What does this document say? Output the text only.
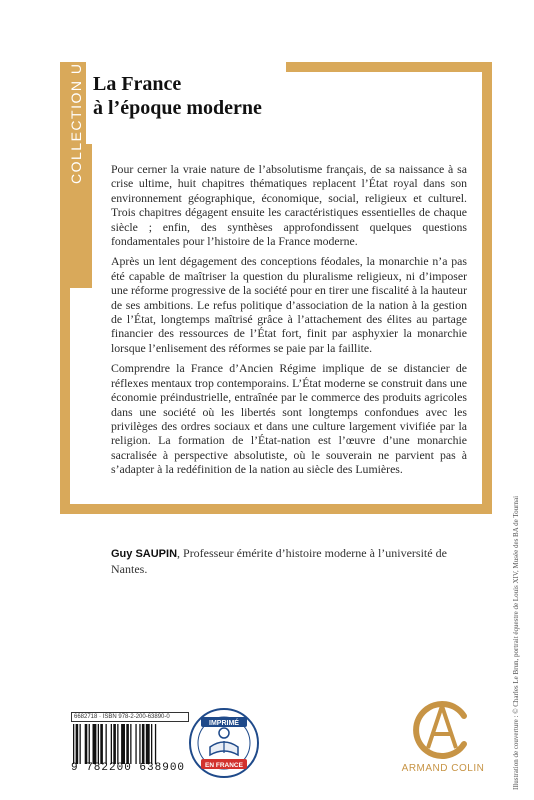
La France
à l’époque moderne

Pour cerner la vraie nature de l’absolutisme français, de sa naissance à sa crise ultime, huit chapitres thématiques replacent l’État royal dans son environnement géographique, économique, social, religieux et culturel. Trois chapitres dégagent ensuite les caractéristiques essentielles de chaque siècle ; enfin, des synthèses approfondissent quelques questions fondamentales pour l’histoire de la France moderne.

Après un lent dégagement des conceptions féodales, la monarchie n’a pas été capable de maîtriser la question du pluralisme religieux, ni d’imposer une réforme progressive de la société pour en tirer une fiscalité à la hauteur de ses ambitions. Le refus politique d’association de la nation à la gestion de l’État, longtemps maîtrisé grâce à l’attachement des élites au partage financier des ressources de l’État fort, finit par asphyxier la monarchie lorsque l’enlisement des réformes se paie par la faillite.

Comprendre la France d’Ancien Régime implique de se distancier de réflexes mentaux trop contemporains. L’État moderne se construit dans une économie préindustrielle, entraînée par le commerce des produits agricoles dans une société où les libertés sont longtemps confondues avec les privilèges des ordres sociaux et dans une culture largement vivifiée par la religion. La formation de l’État-nation est l’œuvre d’une monarchie sacralisée à perspective absolutiste, où le souverain ne parvient pas à s’adapter à la redéfinition de la nation au siècle des Lumières.

Guy SAUPIN, Professeur émérite d’histoire moderne à l’université de Nantes.
6682718 · ISBN 978-2-200-63890-0
9 782200 638900
IMPRIMÉ
EN FRANCE	Illustration de couverture : © Charles Le Brun, portrait équestre de Louis XIV, Musée des BA de Tournai
ARMAND COLIN
